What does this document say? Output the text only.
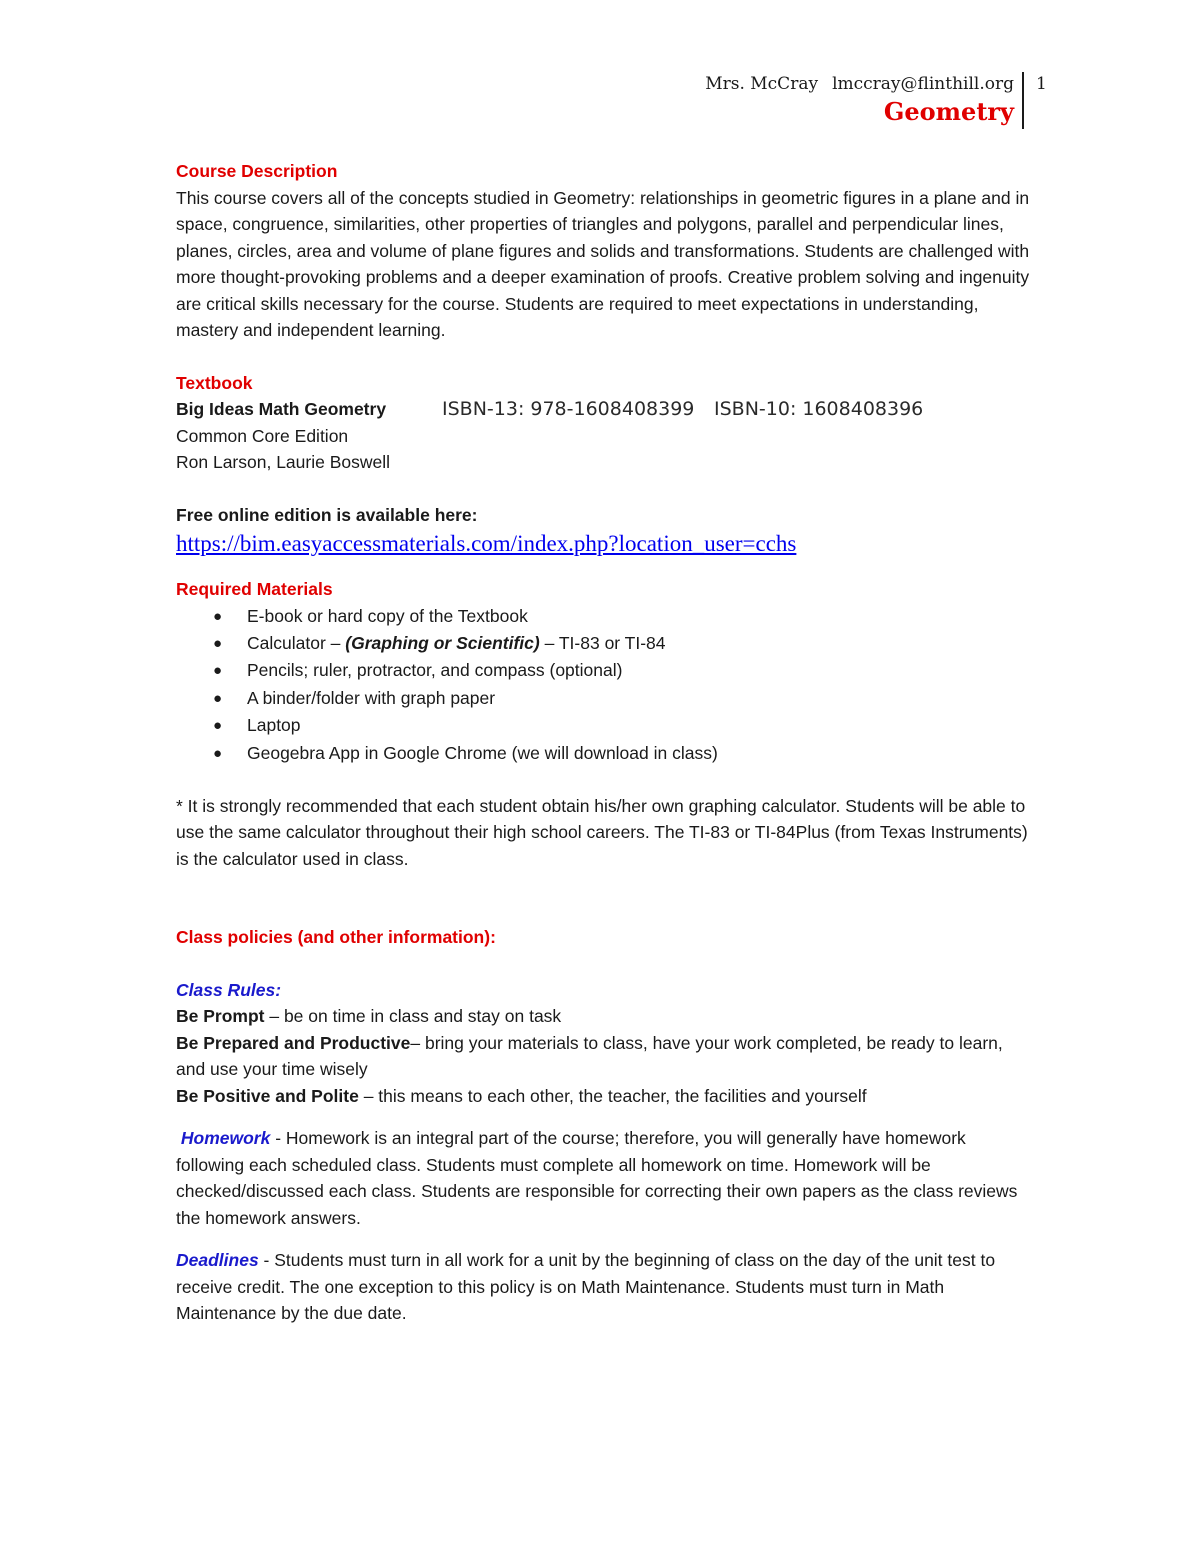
Mrs. McCray lmccray@flinthill.org
Geometry
1
Course Description

This course covers all of the concepts studied in Geometry: relationships in geometric figures in a plane and in space, congruence, similarities, other properties of triangles and polygons, parallel and perpendicular lines, planes, circles, area and volume of plane figures and solids and transformations. Students are challenged with more thought-provoking problems and a deeper examination of proofs. Creative problem solving and ingenuity are critical skills necessary for the course. Students are required to meet expectations in understanding, mastery and independent learning.

Textbook
Big Ideas Math Geometry	ISBN-13: 978-1608408399	ISBN-10: 1608408396
Common Core Edition
Ron Larson, Laurie Boswell
Free online edition is available here:
https://bim.easyaccessmaterials.com/index.php?location_user=cchs
Required Materials
● E-book or hard copy of the Textbook
● Calculator – (Graphing or Scientific) – TI-83 or TI-84
● Pencils; ruler, protractor, and compass (optional)
● A binder/folder with graph paper
● Laptop
● Geogebra App in Google Chrome (we will download in class)

* It is strongly recommended that each student obtain his/her own graphing calculator. Students will be able to use the same calculator throughout their high school careers. The TI-83 or TI-84Plus (from Texas Instruments) is the calculator used in class.

Class policies (and other information):
Class Rules:
Be Prompt – be on time in class and stay on task
Be Prepared and Productive– bring your materials to class, have your work completed, be ready to learn, and use your time wisely
Be Positive and Polite – this means to each other, the teacher, the facilities and yourself

Homework - Homework is an integral part of the course; therefore, you will generally have homework following each scheduled class. Students must complete all homework on time. Homework will be checked/discussed each class. Students are responsible for correcting their own papers as the class reviews the homework answers.

Deadlines - Students must turn in all work for a unit by the beginning of class on the day of the unit test to receive credit. The one exception to this policy is on Math Maintenance. Students must turn in Math Maintenance by the due date.
